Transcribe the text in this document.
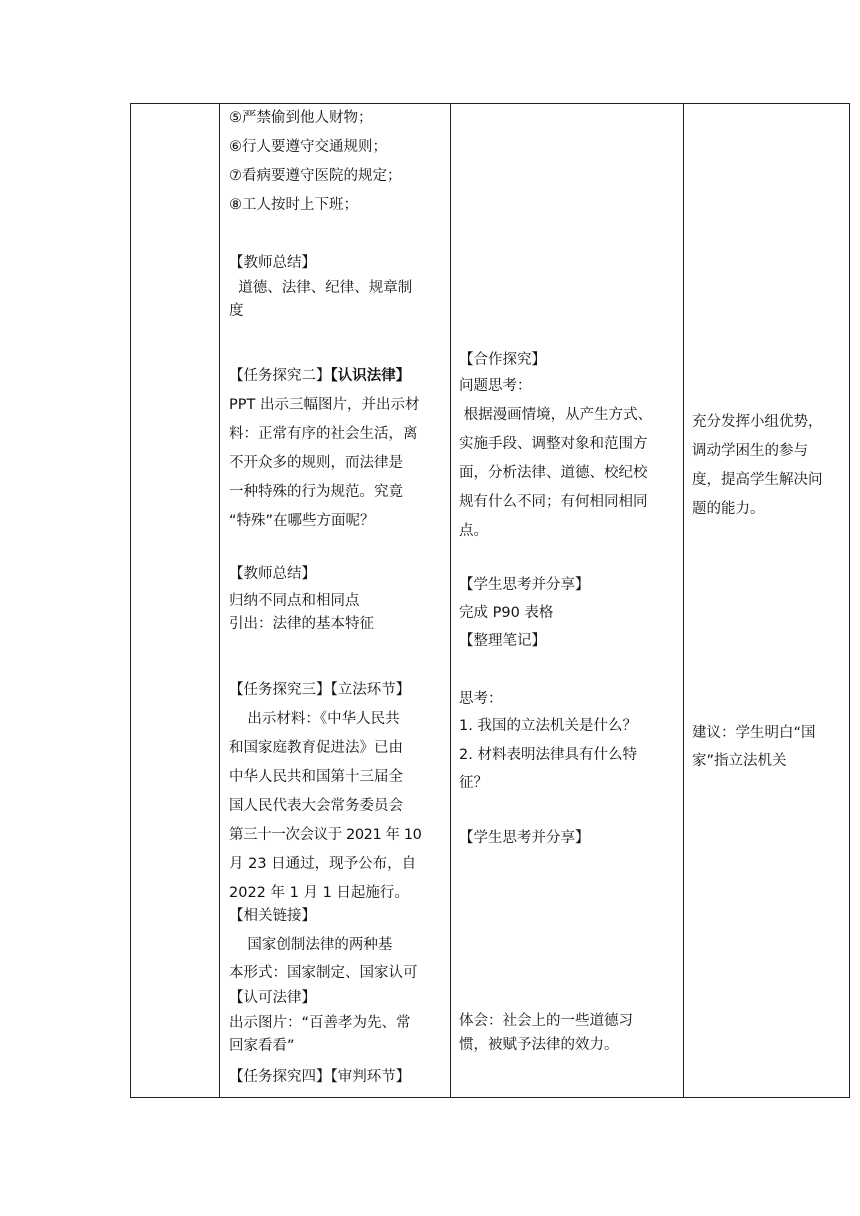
⑤严禁偷到他人财物；
⑥行人要遵守交通规则；
⑦看病要遵守医院的规定；
⑧工人按时上下班；
【教师总结】
道德、法律、纪律、规章制
度
【任务探究二】【认识法律】
PPT 出示三幅图片，并出示材
料：正常有序的社会生活，离
不开众多的规则，而法律是
一种特殊的行为规范。究竟
“特殊”在哪些方面呢？
【教师总结】
归纳不同点和相同点
引出：法律的基本特征
【任务探究三】【立法环节】
出示材料：《中华人民共
和国家庭教育促进法》已由
中华人民共和国第十三届全
国人民代表大会常务委员会
第三十一次会议于 2021 年 10
月 23 日通过，现予公布，自
2022 年 1 月 1 日起施行。
【相关链接】
国家创制法律的两种基
本形式：国家制定、国家认可
【认可法律】
出示图片：“百善孝为先、常
回家看看”
【任务探究四】【审判环节】
【合作探究】
问题思考：
根据漫画情境，从产生方式、
实施手段、调整对象和范围方
面，分析法律、道德、校纪校
规有什么不同；有何相同相同
点。
【学生思考并分享】
完成 P90 表格
【整理笔记】
思考：
1. 我国的立法机关是什么？
2. 材料表明法律具有什么特
征？
【学生思考并分享】
体会：社会上的一些道德习
惯，被赋予法律的效力。
充分发挥小组优势，
调动学困生的参与
度，提高学生解决问
题的能力。
建议：学生明白“国
家”指立法机关
